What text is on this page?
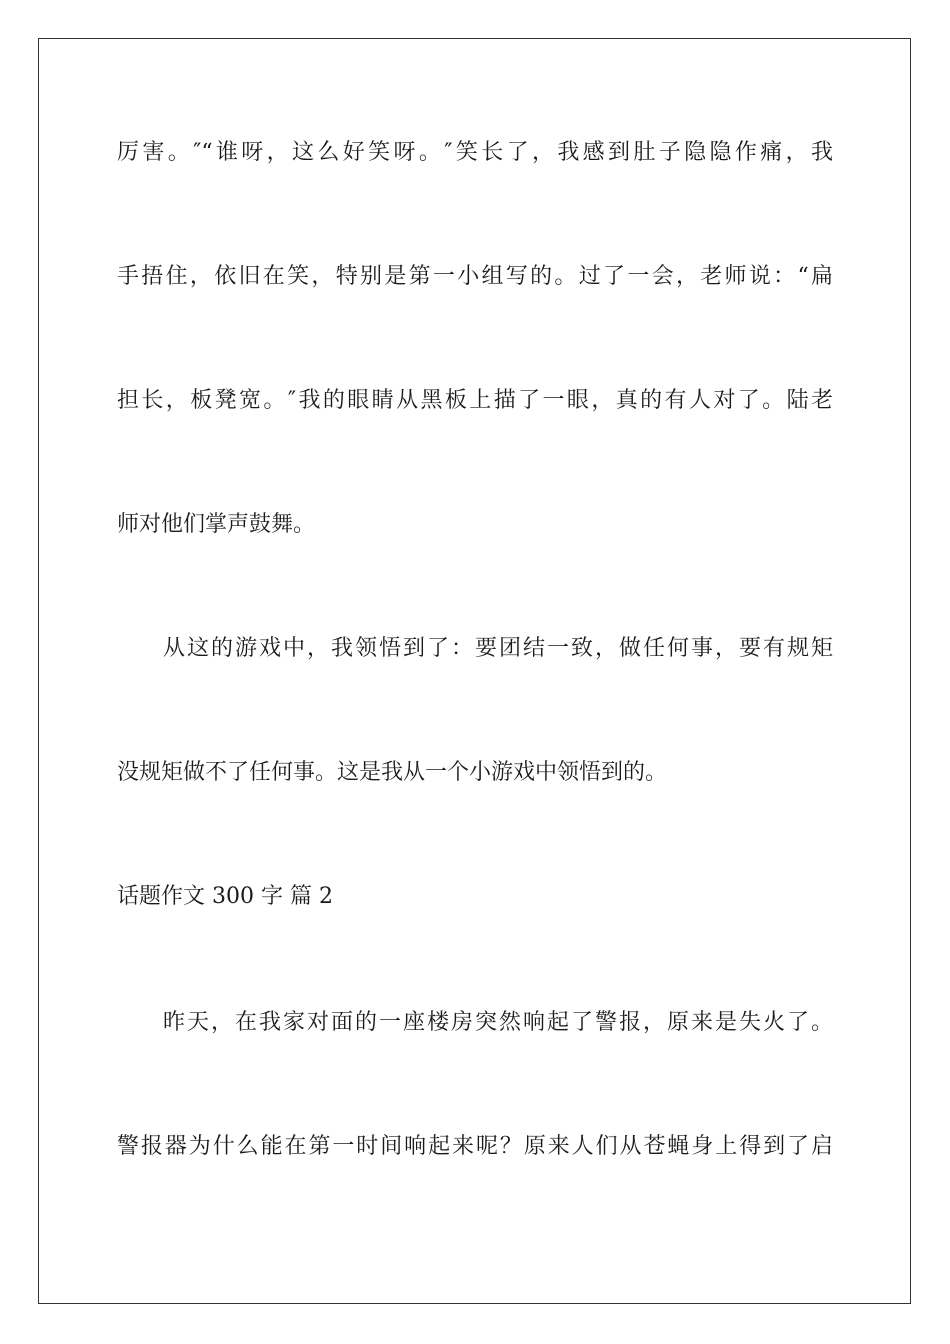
厉害。″“谁呀，这么好笑呀。″笑长了，我感到肚子隐隐作痛，我
手捂住，依旧在笑，特别是第一小组写的。过了一会，老师说：“扁
担长，板凳宽。″我的眼睛从黑板上描了一眼，真的有人对了。陆老
师对他们掌声鼓舞。
从这的游戏中，我领悟到了：要团结一致，做任何事，要有规矩
没规矩做不了任何事。这是我从一个小游戏中领悟到的。
话题作文 300 字 篇 2
昨天，在我家对面的一座楼房突然响起了警报，原来是失火了。
警报器为什么能在第一时间响起来呢？原来人们从苍蝇身上得到了启
